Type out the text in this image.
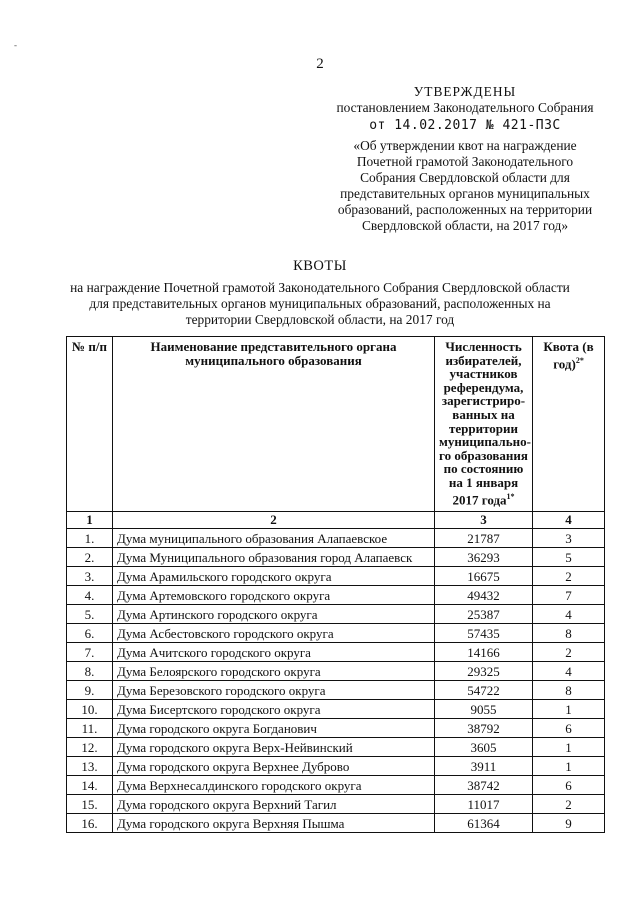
-
2
УТВЕРЖДЕНЫ
постановлением Законодательного Собрания
от 14.02.2017 № 421-ПЗС
«Об утверждении квот на награждение Почетной грамотой Законодательного Собрания Свердловской области для представительных органов муниципальных образований, расположенных на территории Свердловской области, на 2017 год»
КВОТЫ
на награждение Почетной грамотой Законодательного Собрания Свердловской области для представительных органов муниципальных образований, расположенных на территории Свердловской области, на 2017 год
№ п/п	Наименование представительного органа муниципального образования	Численность избирателей, участников референдума, зарегистриро-ванных на территории муниципально-го образования по состоянию на 1 января 2017 года$^{1*}$	Квота (в год)$^{2*}$
1	2	3	4
1.	Дума муниципального образования Алапаевское	21787	3
2.	Дума Муниципального образования город Алапаевск	36293	5
3.	Дума Арамильского городского округа	16675	2
4.	Дума Артемовского городского округа	49432	7
5.	Дума Артинского городского округа	25387	4
6.	Дума Асбестовского городского округа	57435	8
7.	Дума Ачитского городского округа	14166	2
8.	Дума Белоярского городского округа	29325	4
9.	Дума Березовского городского округа	54722	8
10.	Дума Бисертского городского округа	9055	1
11.	Дума городского округа Богданович	38792	6
12.	Дума городского округа Верх-Нейвинский	3605	1
13.	Дума городского округа Верхнее Дуброво	3911	1
14.	Дума Верхнесалдинского городского округа	38742	6
15.	Дума городского округа Верхний Тагил	11017	2
16.	Дума городского округа Верхняя Пышма	61364	9
